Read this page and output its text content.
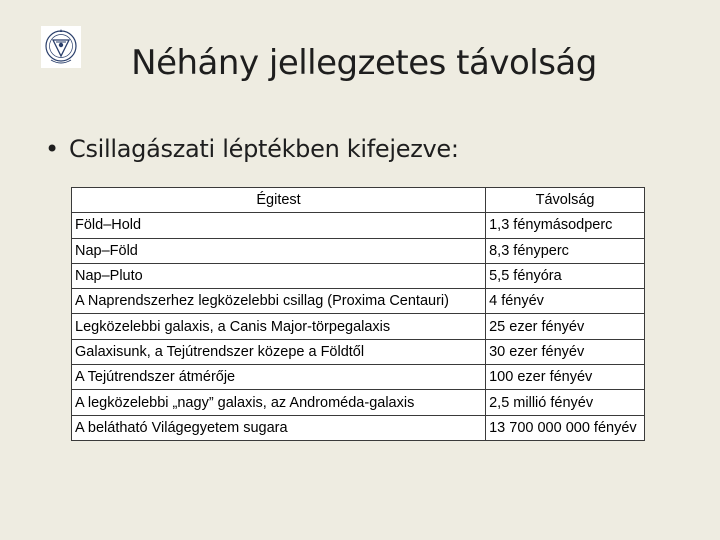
Néhány jellegzetes távolság
• Csillagászati léptékben kifejezve:
Égitest	Távolság
Föld–Hold	1,3 fénymásodperc
Nap–Föld	8,3 fényperc
Nap–Pluto	5,5 fényóra
A Naprendszerhez legközelebbi csillag (Proxima Centauri)	4 fényév
Legközelebbi galaxis, a Canis Major-törpegalaxis	25 ezer fényév
Galaxisunk, a Tejútrendszer közepe a Földtől	30 ezer fényév
A Tejútrendszer átmérője	100 ezer fényév
A legközelebbi „nagy” galaxis, az Androméda-galaxis	2,5 millió fényév
A belátható Világegyetem sugara	13 700 000 000 fényév
